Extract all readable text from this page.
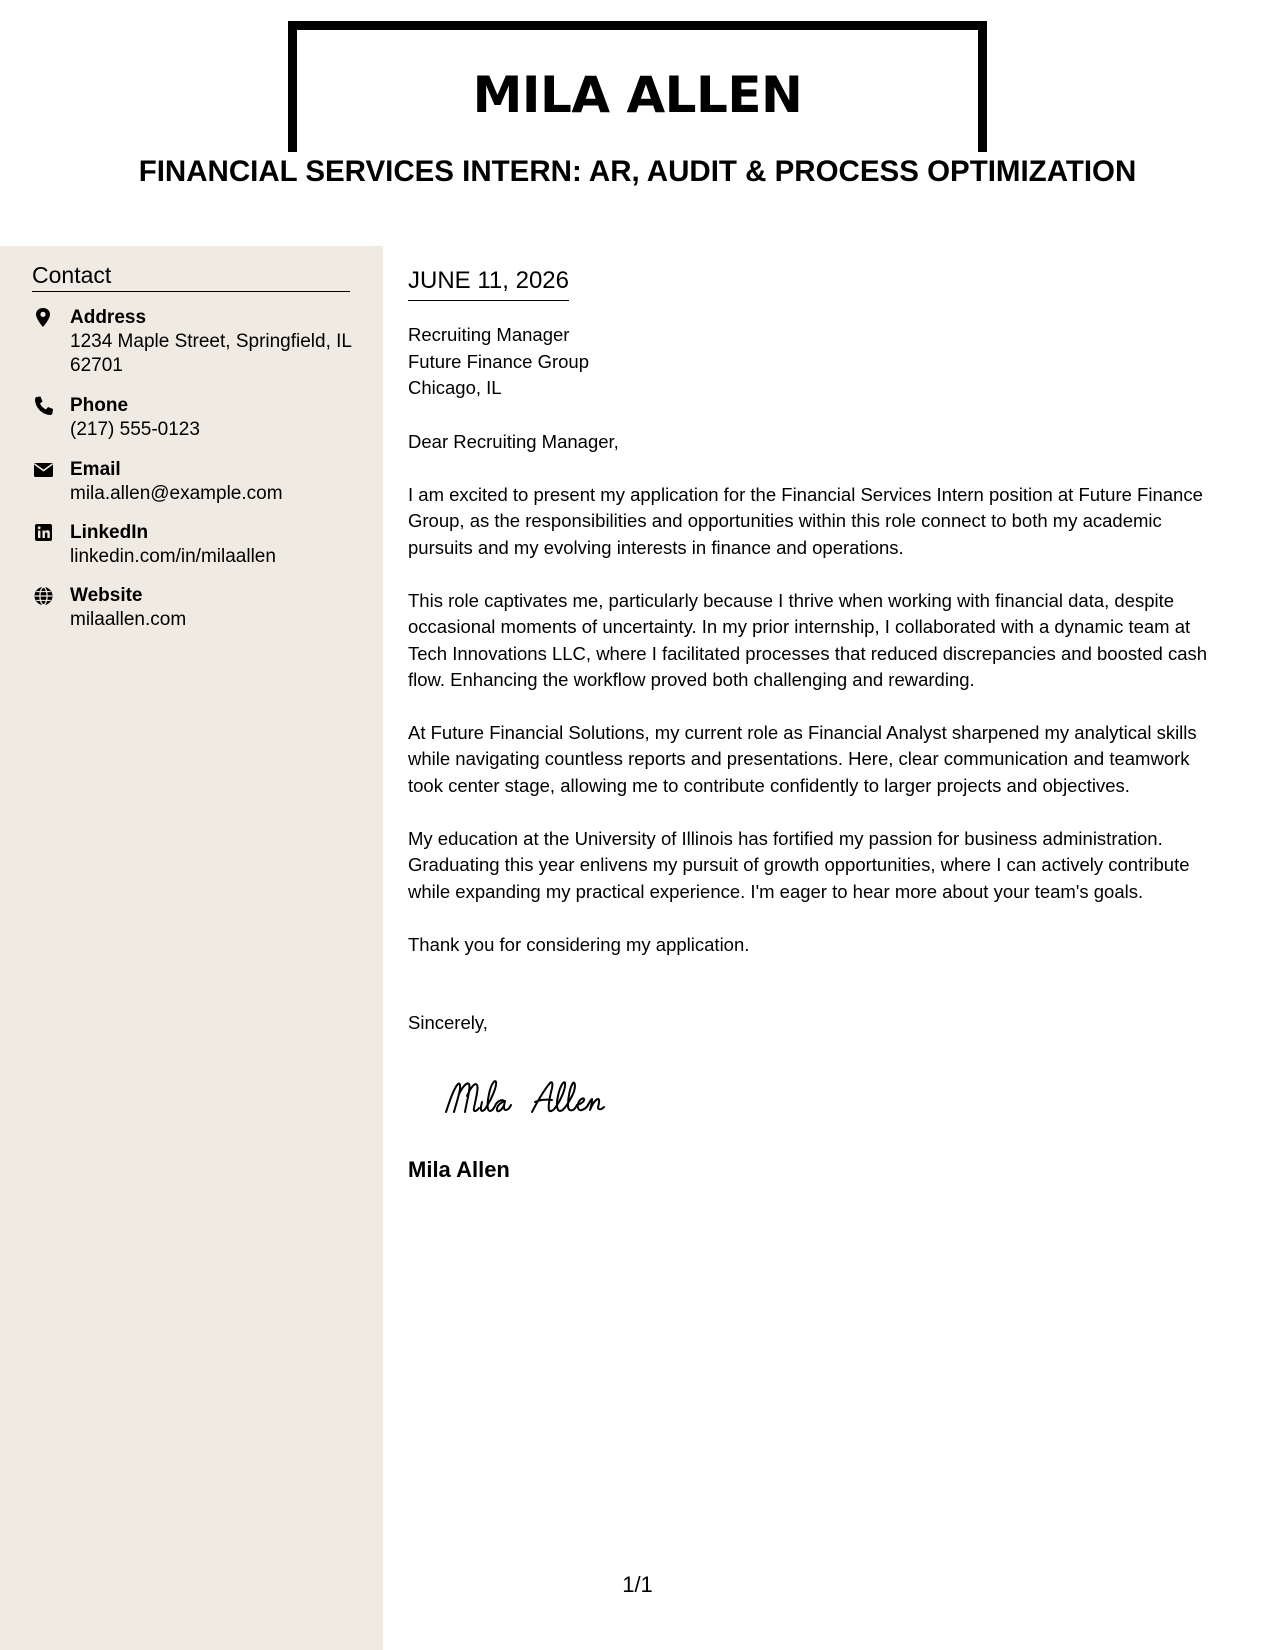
MILA ALLEN
FINANCIAL SERVICES INTERN: AR, AUDIT & PROCESS OPTIMIZATION
Contact
Address
1234 Maple Street, Springfield, IL 62701
Phone
(217) 555-0123
Email
mila.allen@example.com
LinkedIn
linkedin.com/in/milaallen
Website
milaallen.com
JUNE 11, 2026
Recruiting Manager
Future Finance Group
Chicago, IL
Dear Recruiting Manager,
I am excited to present my application for the Financial Services Intern position at Future Finance Group, as the responsibilities and opportunities within this role connect to both my academic pursuits and my evolving interests in finance and operations.
This role captivates me, particularly because I thrive when working with financial data, despite occasional moments of uncertainty. In my prior internship, I collaborated with a dynamic team at Tech Innovations LLC, where I facilitated processes that reduced discrepancies and boosted cash flow. Enhancing the workflow proved both challenging and rewarding.
At Future Financial Solutions, my current role as Financial Analyst sharpened my analytical skills while navigating countless reports and presentations. Here, clear communication and teamwork took center stage, allowing me to contribute confidently to larger projects and objectives.
My education at the University of Illinois has fortified my passion for business administration. Graduating this year enlivens my pursuit of growth opportunities, where I can actively contribute while expanding my practical experience. I'm eager to hear more about your team's goals.
Thank you for considering my application.
Sincerely,
Mila Allen
1/1
